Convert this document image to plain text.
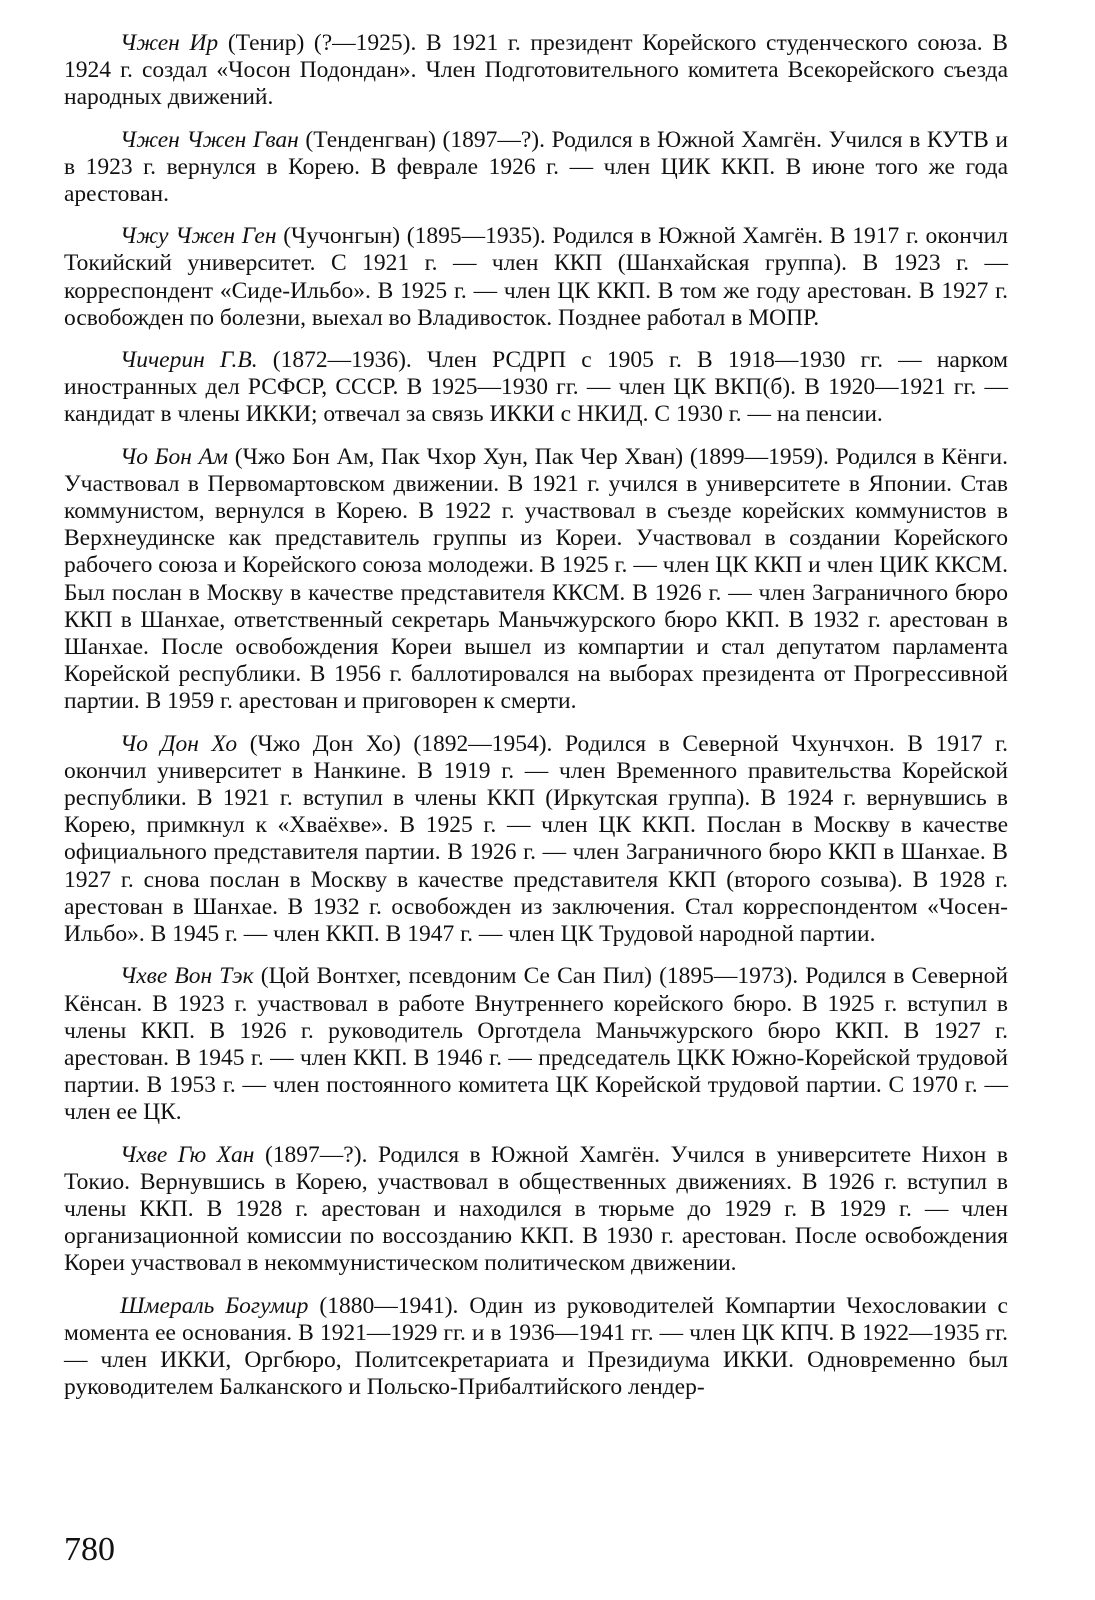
Чжен Ир (Тенир) (?—1925). В 1921 г. президент Корейского студенческого союза. В 1924 г. создал «Чосон Подондан». Член Подготовительного комитета Всекорейского съезда народных движений.

Чжен Чжен Гван (Тенденгван) (1897—?). Родился в Южной Хамгён. Учился в КУТВ и в 1923 г. вернулся в Корею. В феврале 1926 г. — член ЦИК ККП. В июне того же года арестован.

Чжу Чжен Ген (Чучонгын) (1895—1935). Родился в Южной Хамгён. В 1917 г. окончил Токийский университет. С 1921 г. — член ККП (Шанхайская группа). В 1923 г. — корреспондент «Сиде-Ильбо». В 1925 г. — член ЦК ККП. В том же году арестован. В 1927 г. освобожден по болезни, выехал во Владивосток. Позднее работал в МОПР.

Чичерин Г.В. (1872—1936). Член РСДРП с 1905 г. В 1918—1930 гг. — нарком иностранных дел РСФСР, СССР. В 1925—1930 гг. — член ЦК ВКП(б). В 1920—1921 гг. — кандидат в члены ИККИ; отвечал за связь ИККИ с НКИД. С 1930 г. — на пенсии.

Чо Бон Ам (Чжо Бон Ам, Пак Чхор Хун, Пак Чер Хван) (1899—1959). Родился в Кёнги. Участвовал в Первомартовском движении. В 1921 г. учился в университете в Японии. Став коммунистом, вернулся в Корею. В 1922 г. участвовал в съезде корейских коммунистов в Верхнеудинске как представитель группы из Кореи. Участвовал в создании Корейского рабочего союза и Корейского союза молодежи. В 1925 г. — член ЦК ККП и член ЦИК ККСМ. Был послан в Москву в качестве представителя ККСМ. В 1926 г. — член Заграничного бюро ККП в Шанхае, ответственный секретарь Маньчжурского бюро ККП. В 1932 г. арестован в Шанхае. После освобождения Кореи вышел из компартии и стал депутатом парламента Корейской республики. В 1956 г. баллотировался на выборах президента от Прогрессивной партии. В 1959 г. арестован и приговорен к смерти.

Чо Дон Хо (Чжо Дон Хо) (1892—1954). Родился в Северной Чхунчхон. В 1917 г. окончил университет в Нанкине. В 1919 г. — член Временного правительства Корейской республики. В 1921 г. вступил в члены ККП (Иркутская группа). В 1924 г. вернувшись в Корею, примкнул к «Хваёхве». В 1925 г. — член ЦК ККП. Послан в Москву в качестве официального представителя партии. В 1926 г. — член Заграничного бюро ККП в Шанхае. В 1927 г. снова послан в Москву в качестве представителя ККП (второго созыва). В 1928 г. арестован в Шанхае. В 1932 г. освобожден из заключения. Стал корреспондентом «Чосен-Ильбо». В 1945 г. — член ККП. В 1947 г. — член ЦК Трудовой народной партии.

Чхве Вон Тэк (Цой Вонтхег, псевдоним Се Сан Пил) (1895—1973). Родился в Северной Кёнсан. В 1923 г. участвовал в работе Внутреннего корейского бюро. В 1925 г. вступил в члены ККП. В 1926 г. руководитель Орготдела Маньчжурского бюро ККП. В 1927 г. арестован. В 1945 г. — член ККП. В 1946 г. — председатель ЦКК Южно-Корейской трудовой партии. В 1953 г. — член постоянного комитета ЦК Корейской трудовой партии. С 1970 г. — член ее ЦК.

Чхве Гю Хан (1897—?). Родился в Южной Хамгён. Учился в университете Нихон в Токио. Вернувшись в Корею, участвовал в общественных движениях. В 1926 г. вступил в члены ККП. В 1928 г. арестован и находился в тюрьме до 1929 г. В 1929 г. — член организационной комиссии по воссозданию ККП. В 1930 г. арестован. После освобождения Кореи участвовал в некоммунистическом политическом движении.

Шмераль Богумир (1880—1941). Один из руководителей Компартии Чехословакии с момента ее основания. В 1921—1929 гг. и в 1936—1941 гг. — член ЦК КПЧ. В 1922—1935 гг. — член ИККИ, Оргбюро, Политсекретариата и Президиума ИККИ. Одновременно был руководителем Балканского и Польско-Прибалтийского лендер-

780
